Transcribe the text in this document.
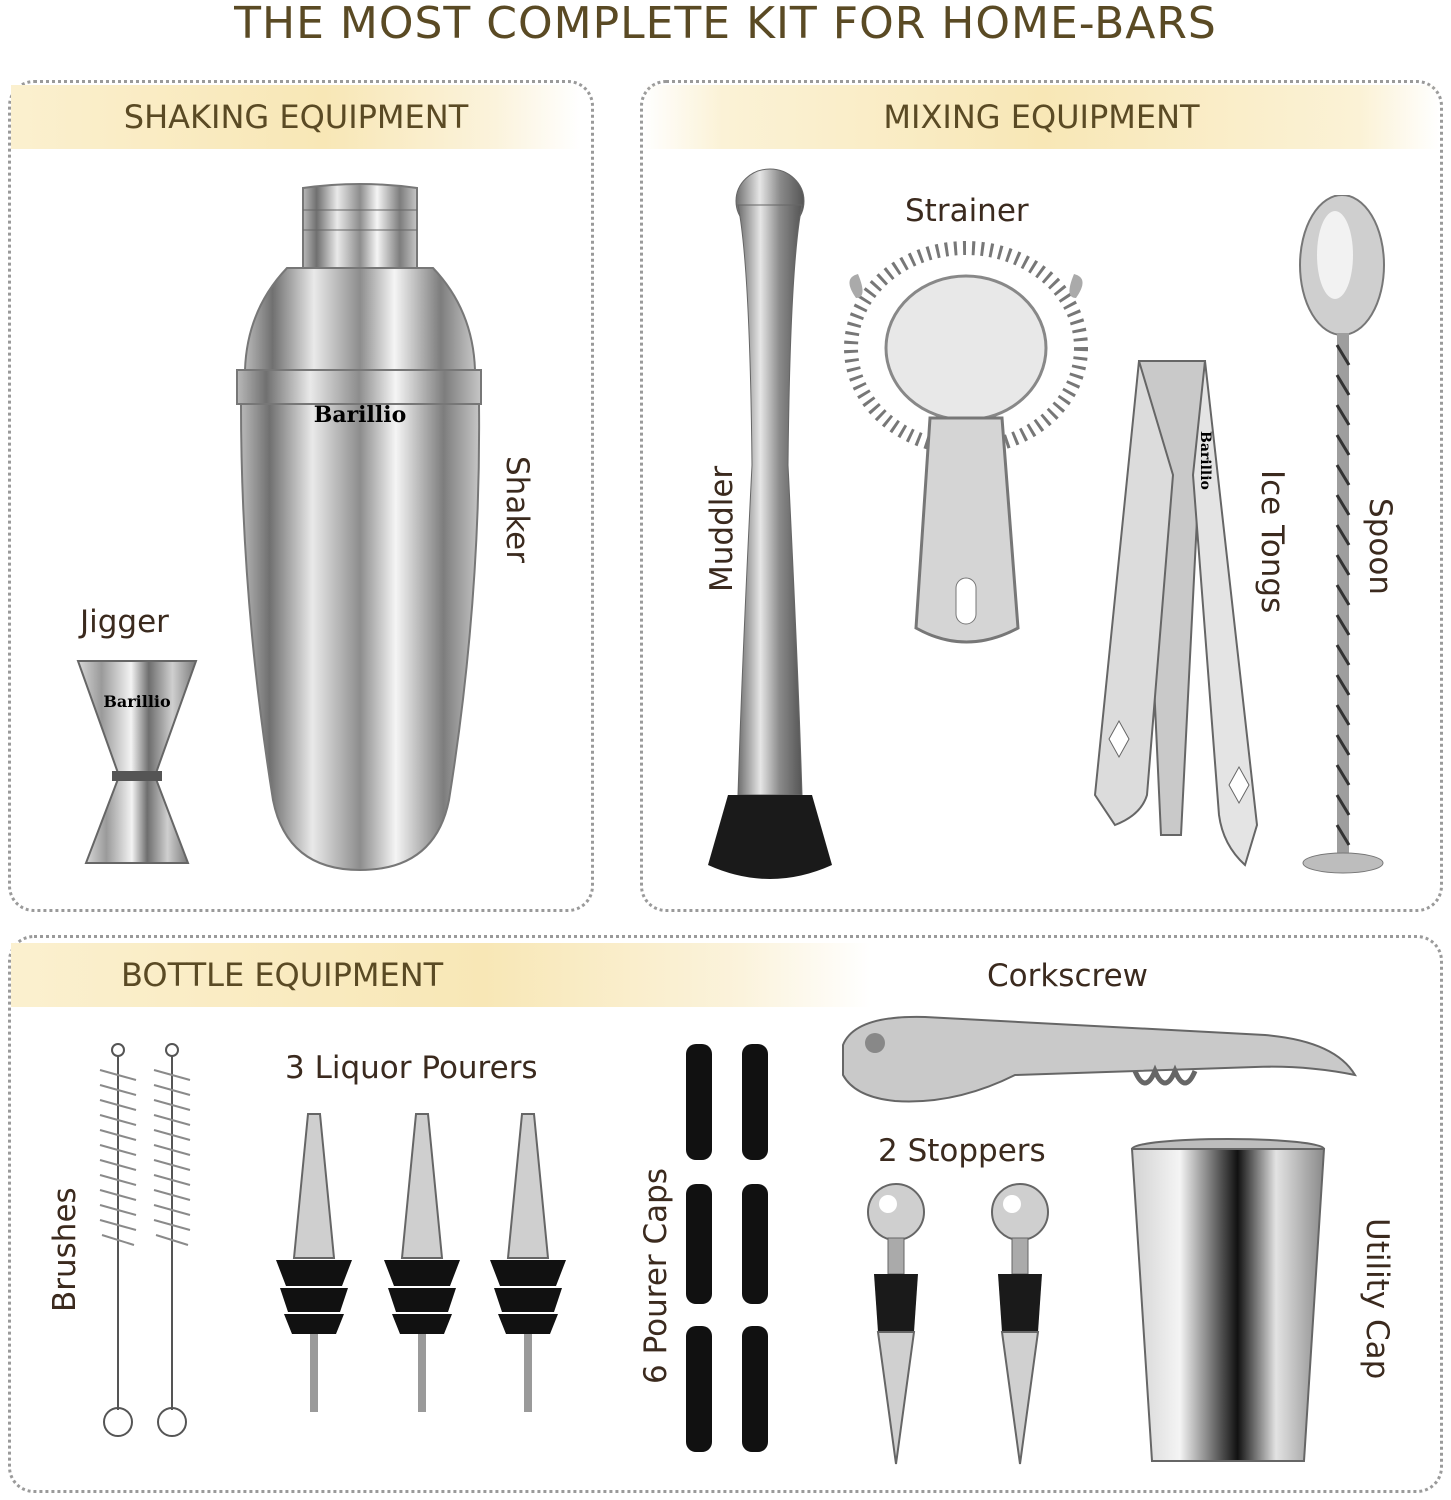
THE MOST COMPLETE KIT FOR HOME-BARS
SHAKING EQUIPMENT	MIXING EQUIPMENT
BOTTLE EQUIPMENT
Jigger
Barillio
Barillio
Shaker	Muddler
Strainer
Barillio
Ice Tongs Spoon
Brushes
3 Liquor Pourers
6 Pourer Caps
Corkscrew
2 Stoppers
Utility Cap
